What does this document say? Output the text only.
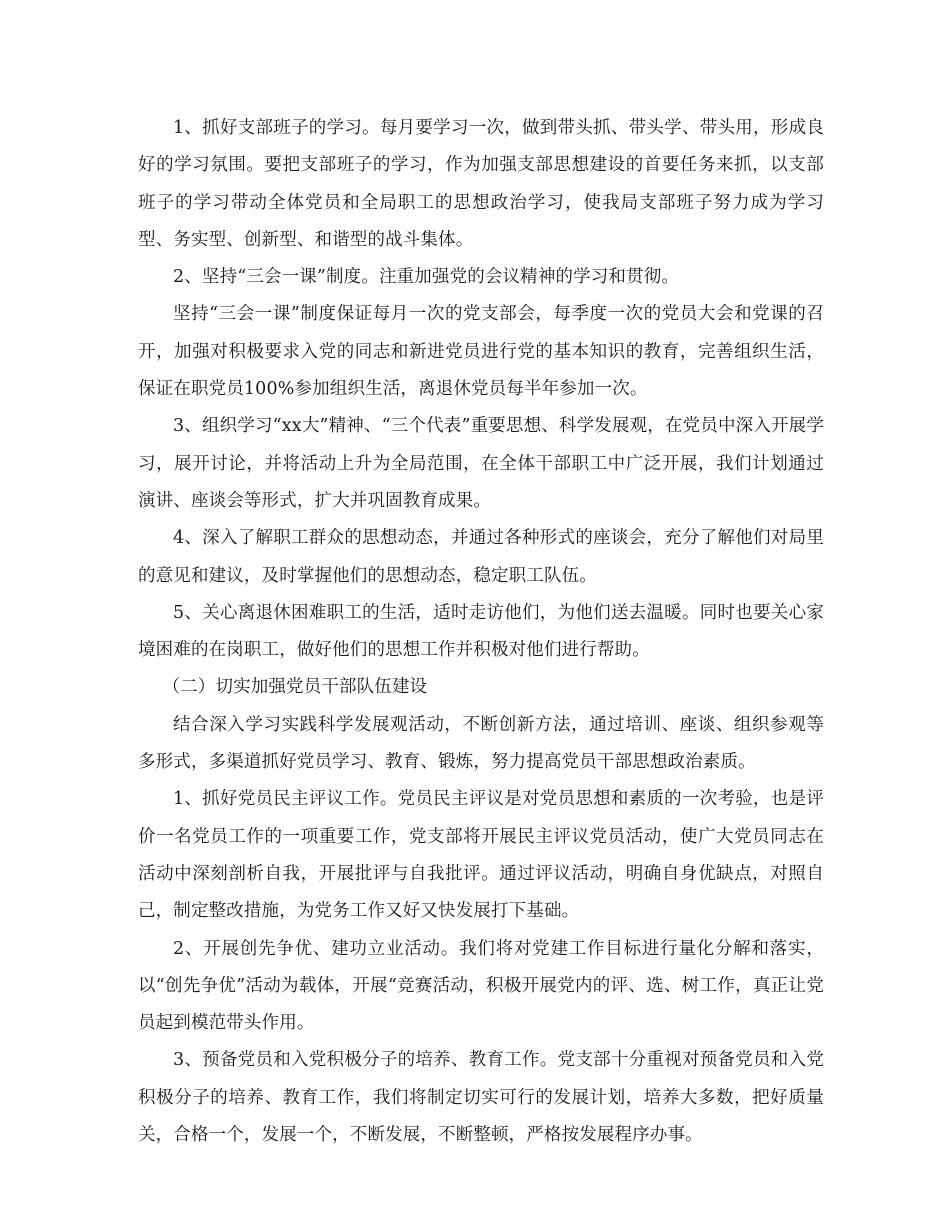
1、抓好支部班子的学习。每月要学习一次，做到带头抓、带头学、带头用，形成良好的学习氛围。要把支部班子的学习，作为加强支部思想建设的首要任务来抓，以支部班子的学习带动全体党员和全局职工的思想政治学习，使我局支部班子努力成为学习型、务实型、创新型、和谐型的战斗集体。

2、坚持“三会一课”制度。注重加强党的会议精神的学习和贯彻。

坚持“三会一课”制度保证每月一次的党支部会，每季度一次的党员大会和党课的召开，加强对积极要求入党的同志和新进党员进行党的基本知识的教育，完善组织生活，保证在职党员100%参加组织生活，离退休党员每半年参加一次。

3、组织学习“xx大”精神、“三个代表”重要思想、科学发展观，在党员中深入开展学习，展开讨论，并将活动上升为全局范围，在全体干部职工中广泛开展，我们计划通过演讲、座谈会等形式，扩大并巩固教育成果。

4、深入了解职工群众的思想动态，并通过各种形式的座谈会，充分了解他们对局里的意见和建议，及时掌握他们的思想动态，稳定职工队伍。

5、关心离退休困难职工的生活，适时走访他们，为他们送去温暖。同时也要关心家境困难的在岗职工，做好他们的思想工作并积极对他们进行帮助。

（二）切实加强党员干部队伍建设

结合深入学习实践科学发展观活动，不断创新方法，通过培训、座谈、组织参观等多形式，多渠道抓好党员学习、教育、锻炼，努力提高党员干部思想政治素质。

1、抓好党员民主评议工作。党员民主评议是对党员思想和素质的一次考验，也是评价一名党员工作的一项重要工作，党支部将开展民主评议党员活动，使广大党员同志在活动中深刻剖析自我，开展批评与自我批评。通过评议活动，明确自身优缺点，对照自己，制定整改措施，为党务工作又好又快发展打下基础。

2、开展创先争优、建功立业活动。我们将对党建工作目标进行量化分解和落实，以“创先争优”活动为载体，开展“竞赛活动，积极开展党内的评、选、树工作，真正让党员起到模范带头作用。

3、预备党员和入党积极分子的培养、教育工作。党支部十分重视对预备党员和入党积极分子的培养、教育工作，我们将制定切实可行的发展计划，培养大多数，把好质量关，合格一个，发展一个，不断发展，不断整顿，严格按发展程序办事。
